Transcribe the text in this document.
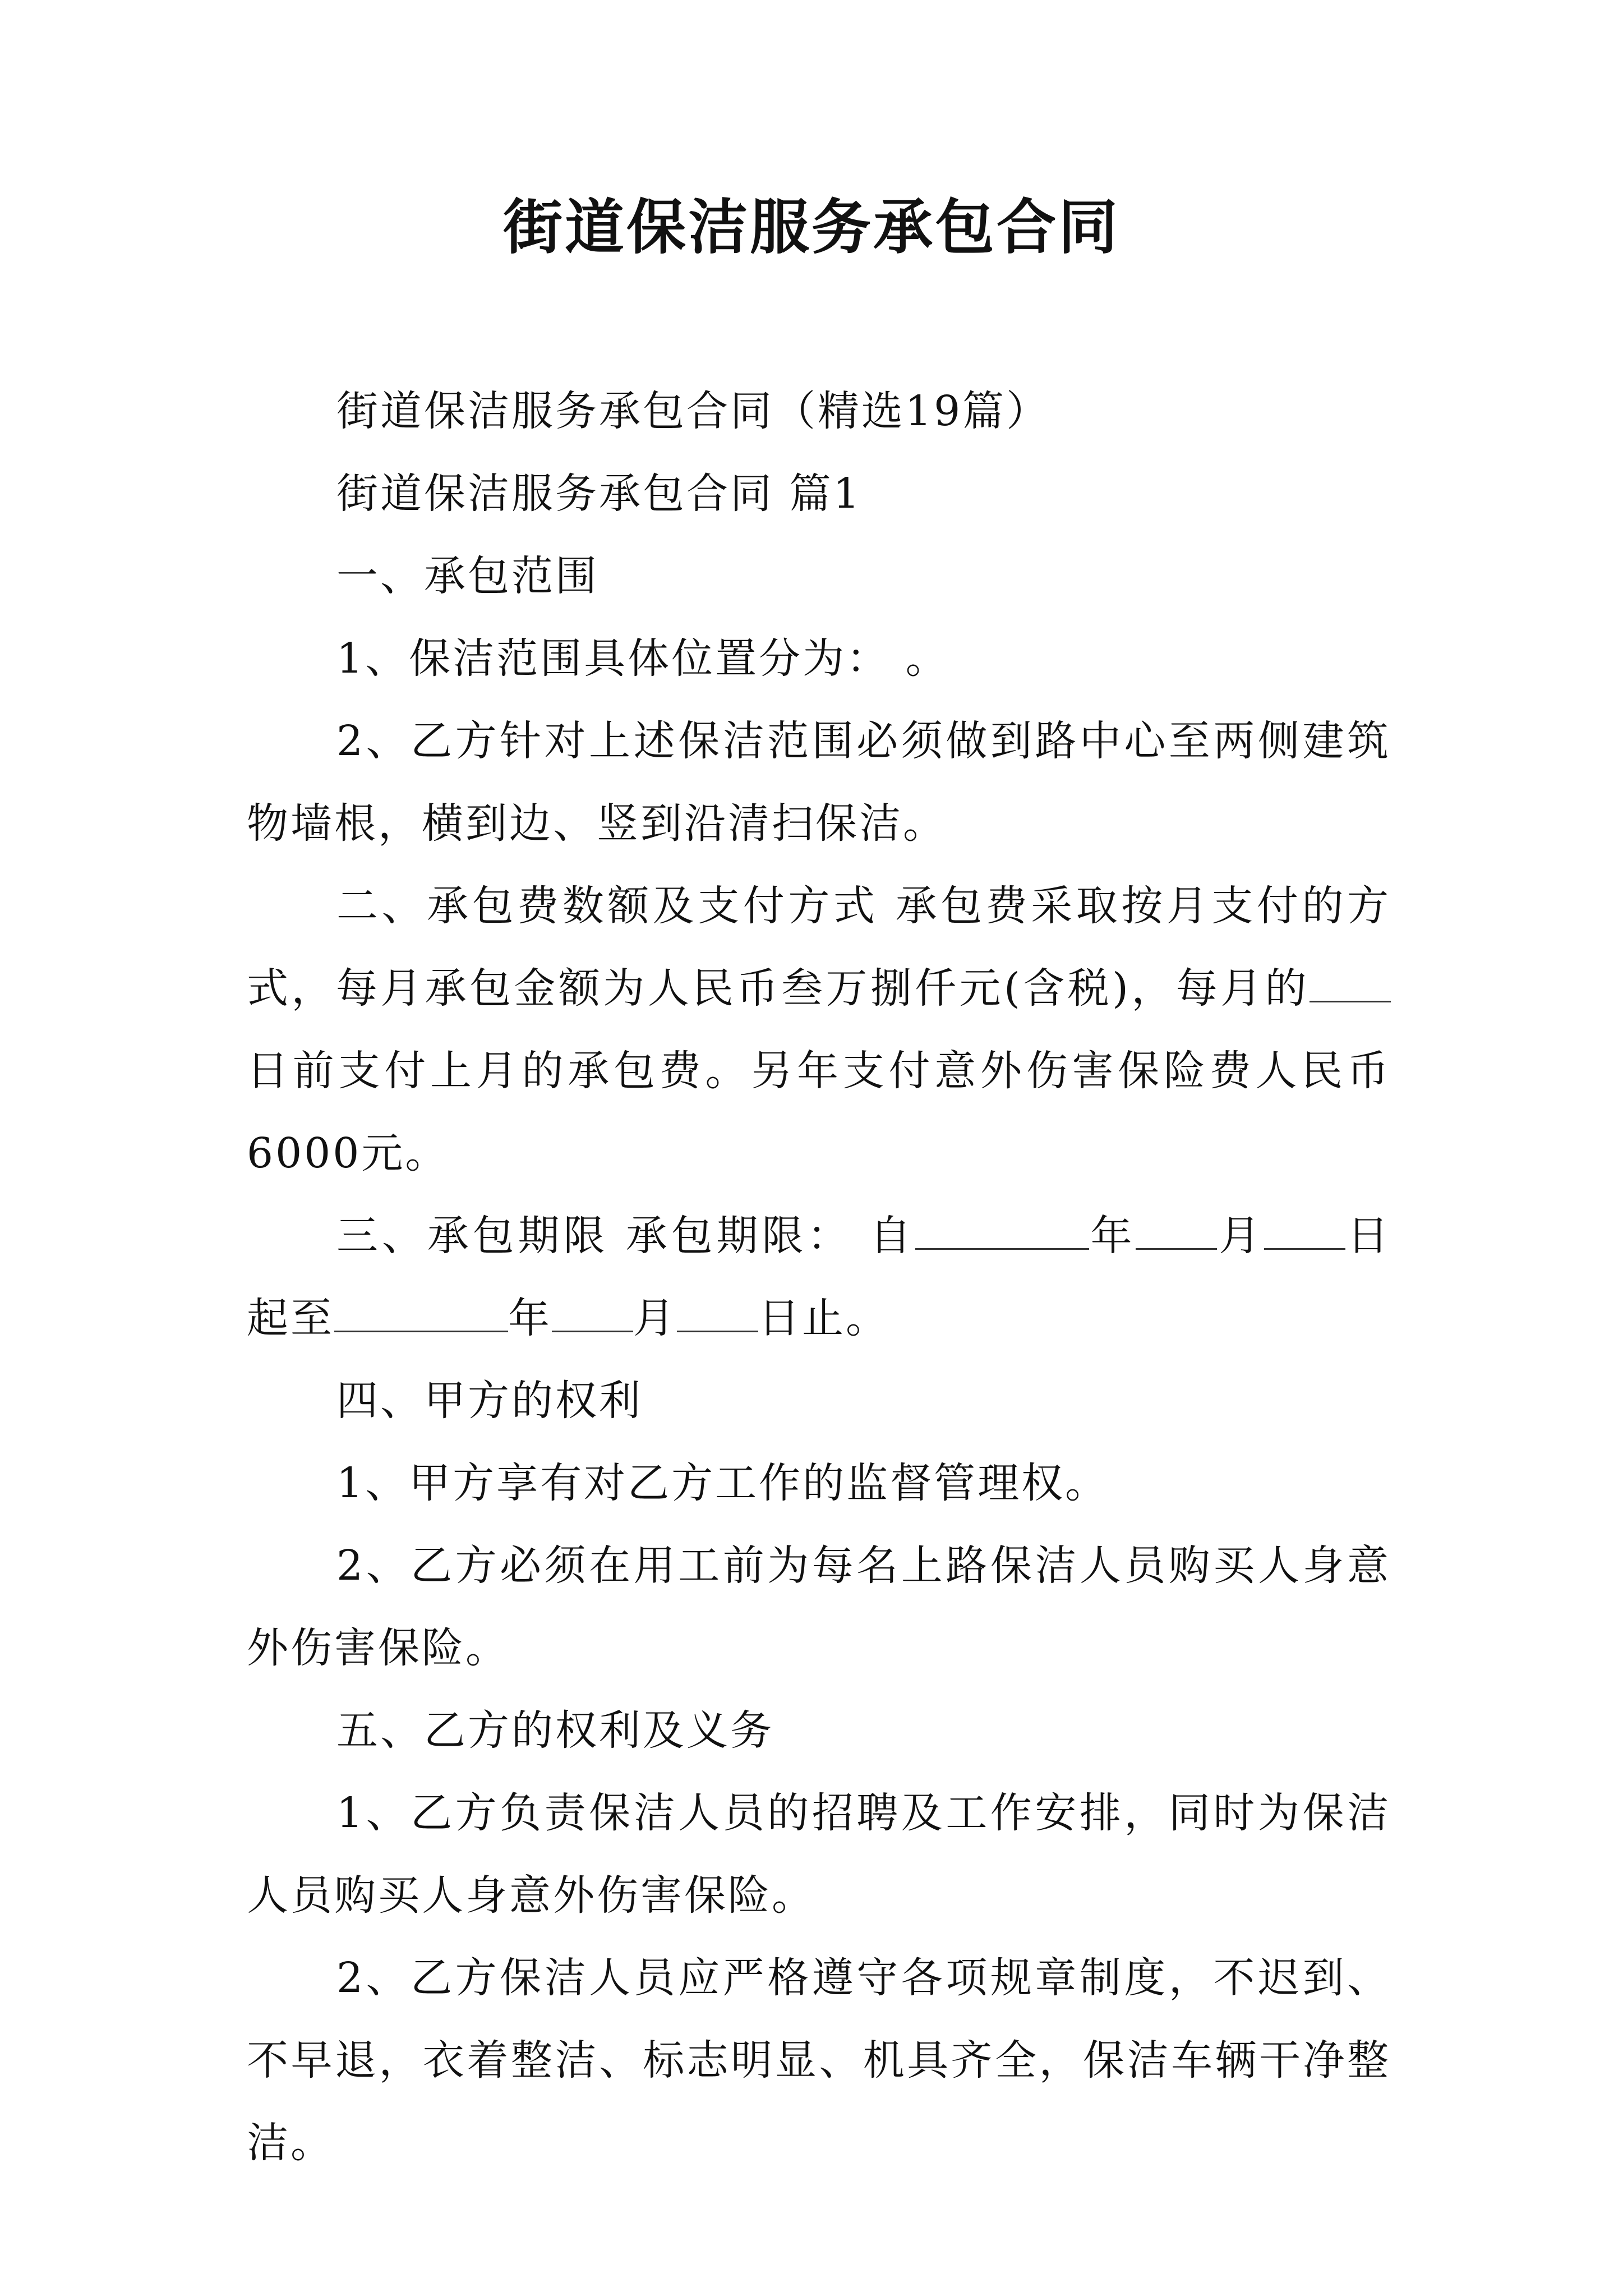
街道保洁服务承包合同

街道保洁服务承包合同（精选19篇）

街道保洁服务承包合同 篇1

一、承包范围

1、保洁范围具体位置分为： 。

2、乙方针对上述保洁范围必须做到路中心至两侧建筑物墙根，横到边、竖到沿清扫保洁。

二、承包费数额及支付方式 承包费采取按月支付的方式，每月承包金额为人民币叁万捌仟元(含税)，每月的日前支付上月的承包费。另年支付意外伤害保险费人民币6000元。

三、承包期限 承包期限： 自	年 月 日起至	年 月 日止。

四、甲方的权利

1、甲方享有对乙方工作的监督管理权。

2、乙方必须在用工前为每名上路保洁人员购买人身意外伤害保险。

五、乙方的权利及义务

1、乙方负责保洁人员的招聘及工作安排，同时为保洁人员购买人身意外伤害保险。

2、乙方保洁人员应严格遵守各项规章制度，不迟到、不早退，衣着整洁、标志明显、机具齐全，保洁车辆干净整洁。
